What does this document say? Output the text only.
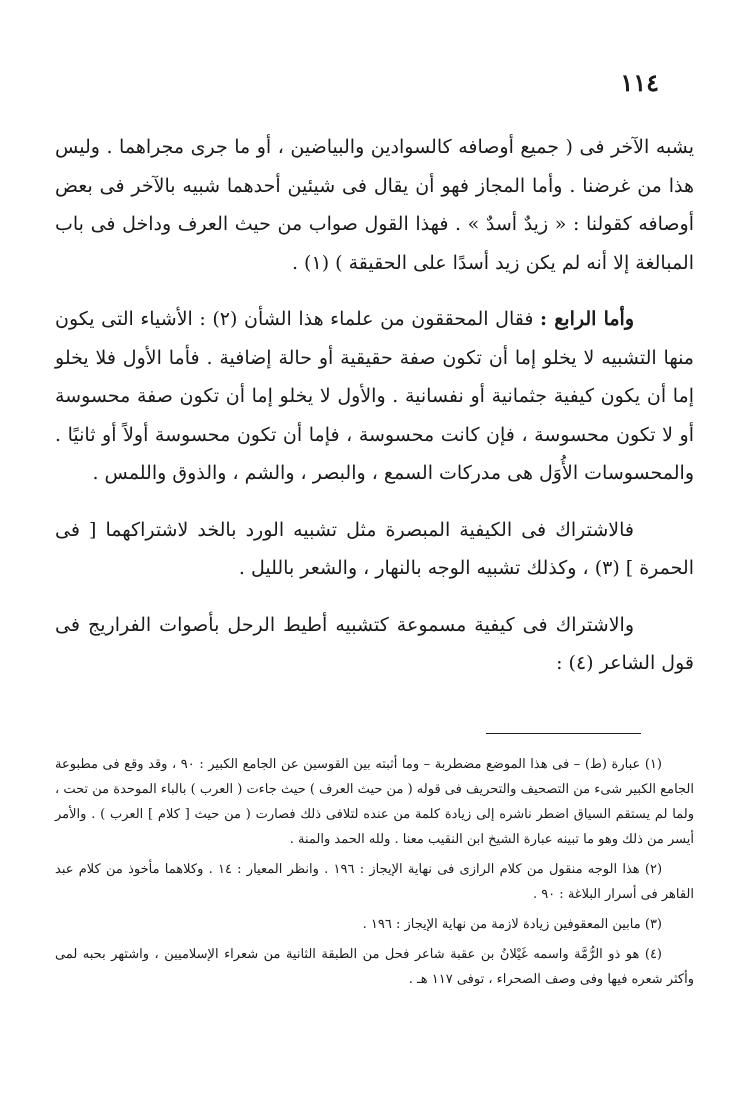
١١٤

يشبه الآخر فى ( جميع أوصافه كالسوادين والبياضين ، أو ما جرى مجراهما . وليس هذا من غرضنا . وأما المجاز فهو أن يقال فى شيئين أحدهما شبيه بالآخر فى بعض أوصافه كقولنا : « زيدٌ أسدٌ » . فهذا القول صواب من حيث العرف وداخل فى باب المبالغة إلا أنه لم يكن زيد أسدًا على الحقيقة ) (١) .

وأما الرابع : فقال المحققون من علماء هذا الشأن (٢) : الأشياء التى يكون منها التشبيه لا يخلو إما أن تكون صفة حقيقية أو حالة إضافية . فأما الأول فلا يخلو إما أن يكون كيفية جثمانية أو نفسانية . والأول لا يخلو إما أن تكون صفة محسوسة أو لا تكون محسوسة ، فإن كانت محسوسة ، فإما أن تكون محسوسة أولاً أو ثانيًا . والمحسوسات الأُوَل هى مدركات السمع ، والبصر ، والشم ، والذوق واللمس .

فالاشتراك فى الكيفية المبصرة مثل تشبيه الورد بالخد لاشتراكهما [ فى الحمرة ] (٣) ، وكذلك تشبيه الوجه بالنهار ، والشعر بالليل .

والاشتراك فى كيفية مسموعة كتشبيه أطيط الرحل بأصوات الفراريج فى قول الشاعر (٤) :

(١) عبارة (ط) – فى هذا الموضع مضطربة – وما أثبته بين القوسين عن الجامع الكبير : ٩٠ ، وقد وقع فى مطبوعة الجامع الكبير شىء من التصحيف والتحريف فى قوله ( من حيث العرف ) حيث جاءت ( العرب ) بالباء الموحدة من تحت ، ولما لم يستقم السياق اضطر ناشره إلى زيادة كلمة من عنده لتلافى ذلك فصارت ( من حيث [ كلام ] العرب ) . والأمر أيسر من ذلك وهو ما تبينه عبارة الشيخ ابن النقيب معنا . ولله الحمد والمنة .

(٢) هذا الوجه منقول من كلام الرازى فى نهاية الإيجاز : ١٩٦ . وانظر المعيار : ١٤ . وكلاهما مأخوذ من كلام عبد القاهر فى أسرار البلاغة : ٩٠ .

(٣) مابين المعقوفين زيادة لازمة من نهاية الإيجاز : ١٩٦ .

(٤) هو ذو الرُّمَّة واسمه غَيْلانُ بن عقبة شاعر فحل من الطبقة الثانية من شعراء الإسلاميين ، واشتهر بحبه لمى وأكثر شعره فيها وفى وصف الصحراء ، توفى ١١٧ هـ .
